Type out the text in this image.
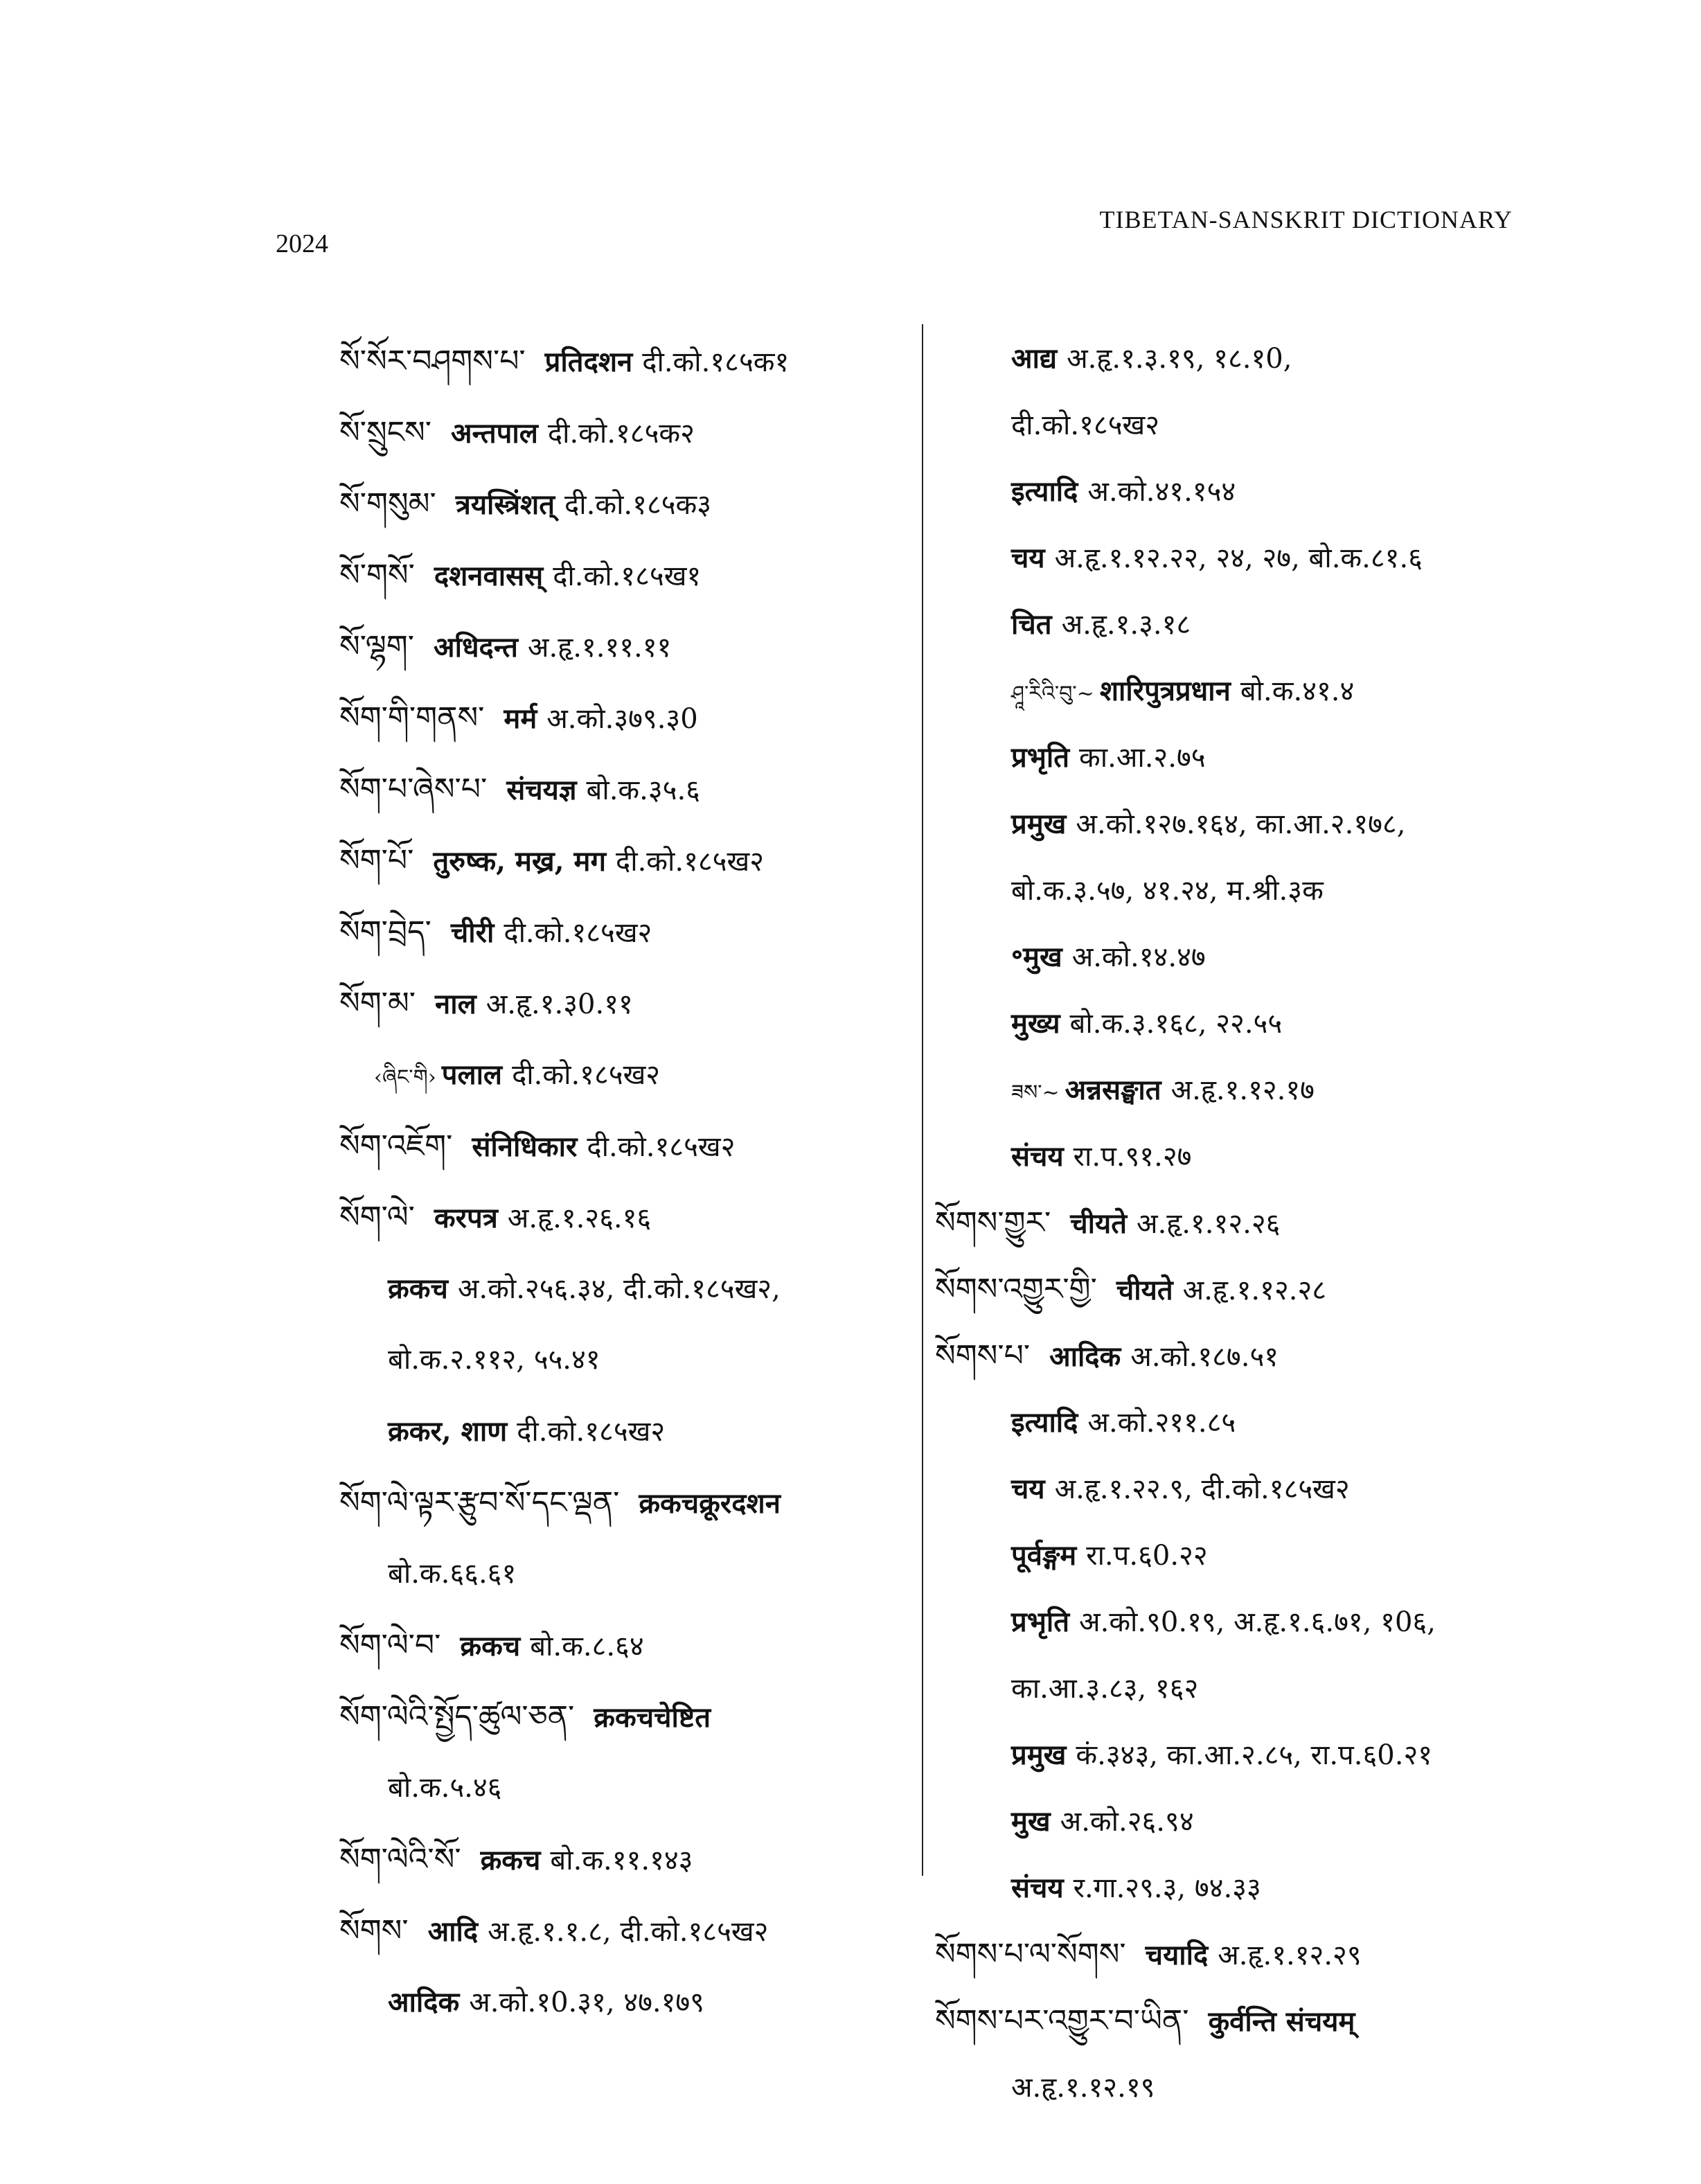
2024
TIBETAN-SANSKRIT DICTIONARY
སོ་སོར་བཤགས་པ་ प्रतिदशन दी.को.१८५क१
སོ་སྲུངས་ अन्तपाल दी.को.१८५क२
སོ་གསུམ་ त्रयस्त्रिंशत् दी.को.१८५क३
སོ་གསོ་ दशनवासस् दी.को.१८५ख१
སོ་ལྷག་ अधिदन्त अ.हृ.१.११.११
སོག་གི་གནས་ मर्म अ.को.३७९.३0
སོག་པ་ཞེས་པ་ संचयज्ञ बो.क.३५.६
སོག་པོ་ तुरुष्क, मख्र, मग दी.को.१८५ख२
སོག་བྲེད་ चीरी दी.को.१८५ख२
སོག་མ་ नाल अ.हृ.१.३0.११
‹ཞིང་གི› पलाल दी.को.१८५ख२
སོག་འཇོག་ संनिधिकार दी.को.१८५ख२
སོག་ལེ་ करपत्र अ.हृ.१.२६.१६
क्रकच अ.को.२५६.३४, दी.को.१८५ख२,
बो.क.२.११२, ५५.४१
क्रकर, शाण दी.को.१८५ख२
སོག་ལེ་ལྟར་རྩུབ་སོ་དང་ལྡན་ क्रकचक्रूरदशन
बो.क.६६.६१
སོག་ལེ་བ་ क्रकच बो.क.८.६४
སོག་ལེའི་སྤྱོད་ཚུལ་ཅན་ क्रकचचेष्टित
बो.क.५.४६
སོག་ལེའི་སོ་ क्रकच बो.क.११.१४३
སོགས་ आदि अ.हृ.१.१.८, दी.को.१८५ख२
आदिक अ.को.१0.३१, ४७.१७९
आद्य अ.हृ.१.३.१९, १८.१0,
दी.को.१८५ख२
इत्यादि अ.को.४१.१५४
चय अ.हृ.१.१२.२२, २४, २७, बो.क.८१.६
चित अ.हृ.१.३.१८
ཤཱ་རིའི་བུ་~ शारिपुत्रप्रधान बो.क.४१.४
प्रभृति का.आ.२.७५
प्रमुख अ.को.१२७.१६४, का.आ.२.१७८,
बो.क.३.५७, ४१.२४, म.श्री.३क
॰मुख अ.को.१४.४७
मुख्य बो.क.३.१६८, २२.५५
ཟས་~ अन्नसङ्घात अ.हृ.१.१२.१७
संचय रा.प.९१.२७
སོགས་གྱུར་ चीयते अ.हृ.१.१२.२६
སོགས་འགྱུར་གྱི་ चीयते अ.हृ.१.१२.२८
སོགས་པ་ आदिक अ.को.१८७.५१
इत्यादि अ.को.२११.८५
चय अ.हृ.१.२२.९, दी.को.१८५ख२
पूर्वङ्गम रा.प.६0.२२
प्रभृति अ.को.९0.१९, अ.हृ.१.६.७१, १0६,
का.आ.३.८३, १६२
प्रमुख कं.३४३, का.आ.२.८५, रा.प.६0.२१
मुख अ.को.२६.९४
संचय र.गा.२९.३, ७४.३३
སོགས་པ་ལ་སོགས་ चयादि अ.हृ.१.१२.२९
སོགས་པར་འགྱུར་བ་ཡིན་ कुर्वन्ति संचयम्
अ.हृ.१.१२.१९
